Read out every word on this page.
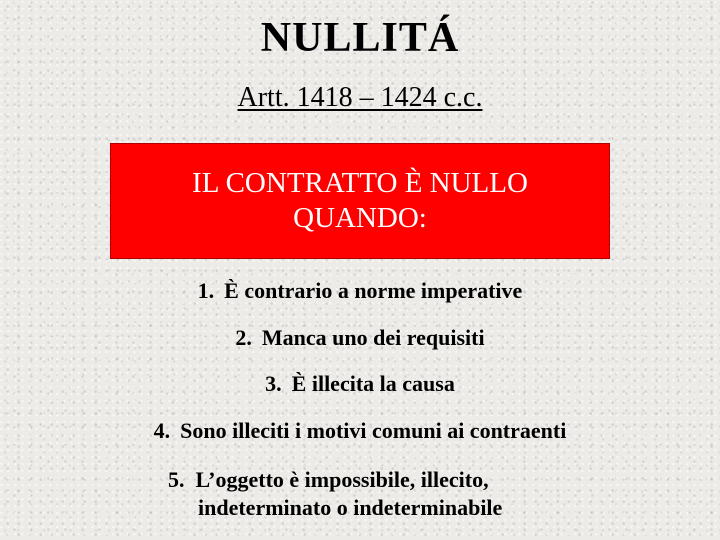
NULLITÁ
Artt. 1418 – 1424 c.c.
IL CONTRATTO È NULLO
QUANDO:
1. È contrario a norme imperative
2. Manca uno dei requisiti
3. È illecita la causa
4. Sono illeciti i motivi comuni ai contraenti
5. L’oggetto è impossibile, illecito,
indeterminato o indeterminabile
